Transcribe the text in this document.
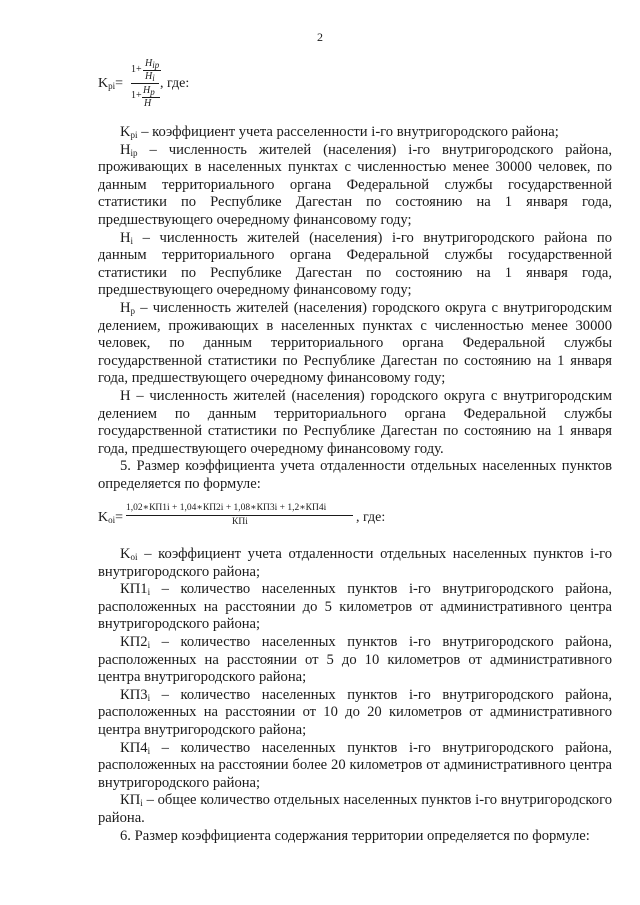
2
$K_{pi}=$
1+
$H_{ip}$
$H_i$
$1+ H_p$
H
, где:

$K_{pi}$ – коэффициент учета расселенности i-го внутригородского района;

$H_{ip}$ – численность жителей (населения) i-го внутригородского района, проживающих в населенных пунктах с численностью менее 30000 человек, по данным территориального органа Федеральной службы государственной статистики по Республике Дагестан по состоянию на 1 января года, предшествующего очередному финансовому году;

$H_i$ – численность жителей (населения) i-го внутригородского района по данным территориального органа Федеральной службы государственной статистики по Республике Дагестан по состоянию на 1 января года, предшествующего очередному финансовому году;

$H_p$ – численность жителей (населения) городского округа с внутригородским делением, проживающих в населенных пунктах с численностью менее 30000 человек, по данным территориального органа Федеральной службы государственной статистики по Республике Дагестан по состоянию на 1 января года, предшествующего очередному финансовому году;

H – численность жителей (населения) городского округа с внутригородским делением по данным территориального органа Федеральной службы государственной статистики по Республике Дагестан по состоянию на 1 января года, предшествующего очередному финансовому году.

5. Размер коэффициента учета отдаленности отдельных населенных пунктов определяется по формуле:

$K_{oi}=$
1,02∗КП1i + 1,04∗КП2i + 1,08∗КП3i + 1,2∗КП4i
КПi	, где:

$K_{oi}$ – коэффициент учета отдаленности отдельных населенных пунктов i-го внутригородского района;

$КП1_i$ – количество населенных пунктов i-го внутригородского района, расположенных на расстоянии до 5 километров от административного центра внутригородского района;

$КП2_i$ – количество населенных пунктов i-го внутригородского района, расположенных на расстоянии от 5 до 10 километров от административного центра внутригородского района;

$КП3_i$ – количество населенных пунктов i-го внутригородского района, расположенных на расстоянии от 10 до 20 километров от административного центра внутригородского района;

$КП4_i$ – количество населенных пунктов i-го внутригородского района, расположенных на расстоянии более 20 километров от административного центра внутригородского района;

$КП_i$ – общее количество отдельных населенных пунктов i-го внутригородского района.

6. Размер коэффициента содержания территории определяется по формуле:
